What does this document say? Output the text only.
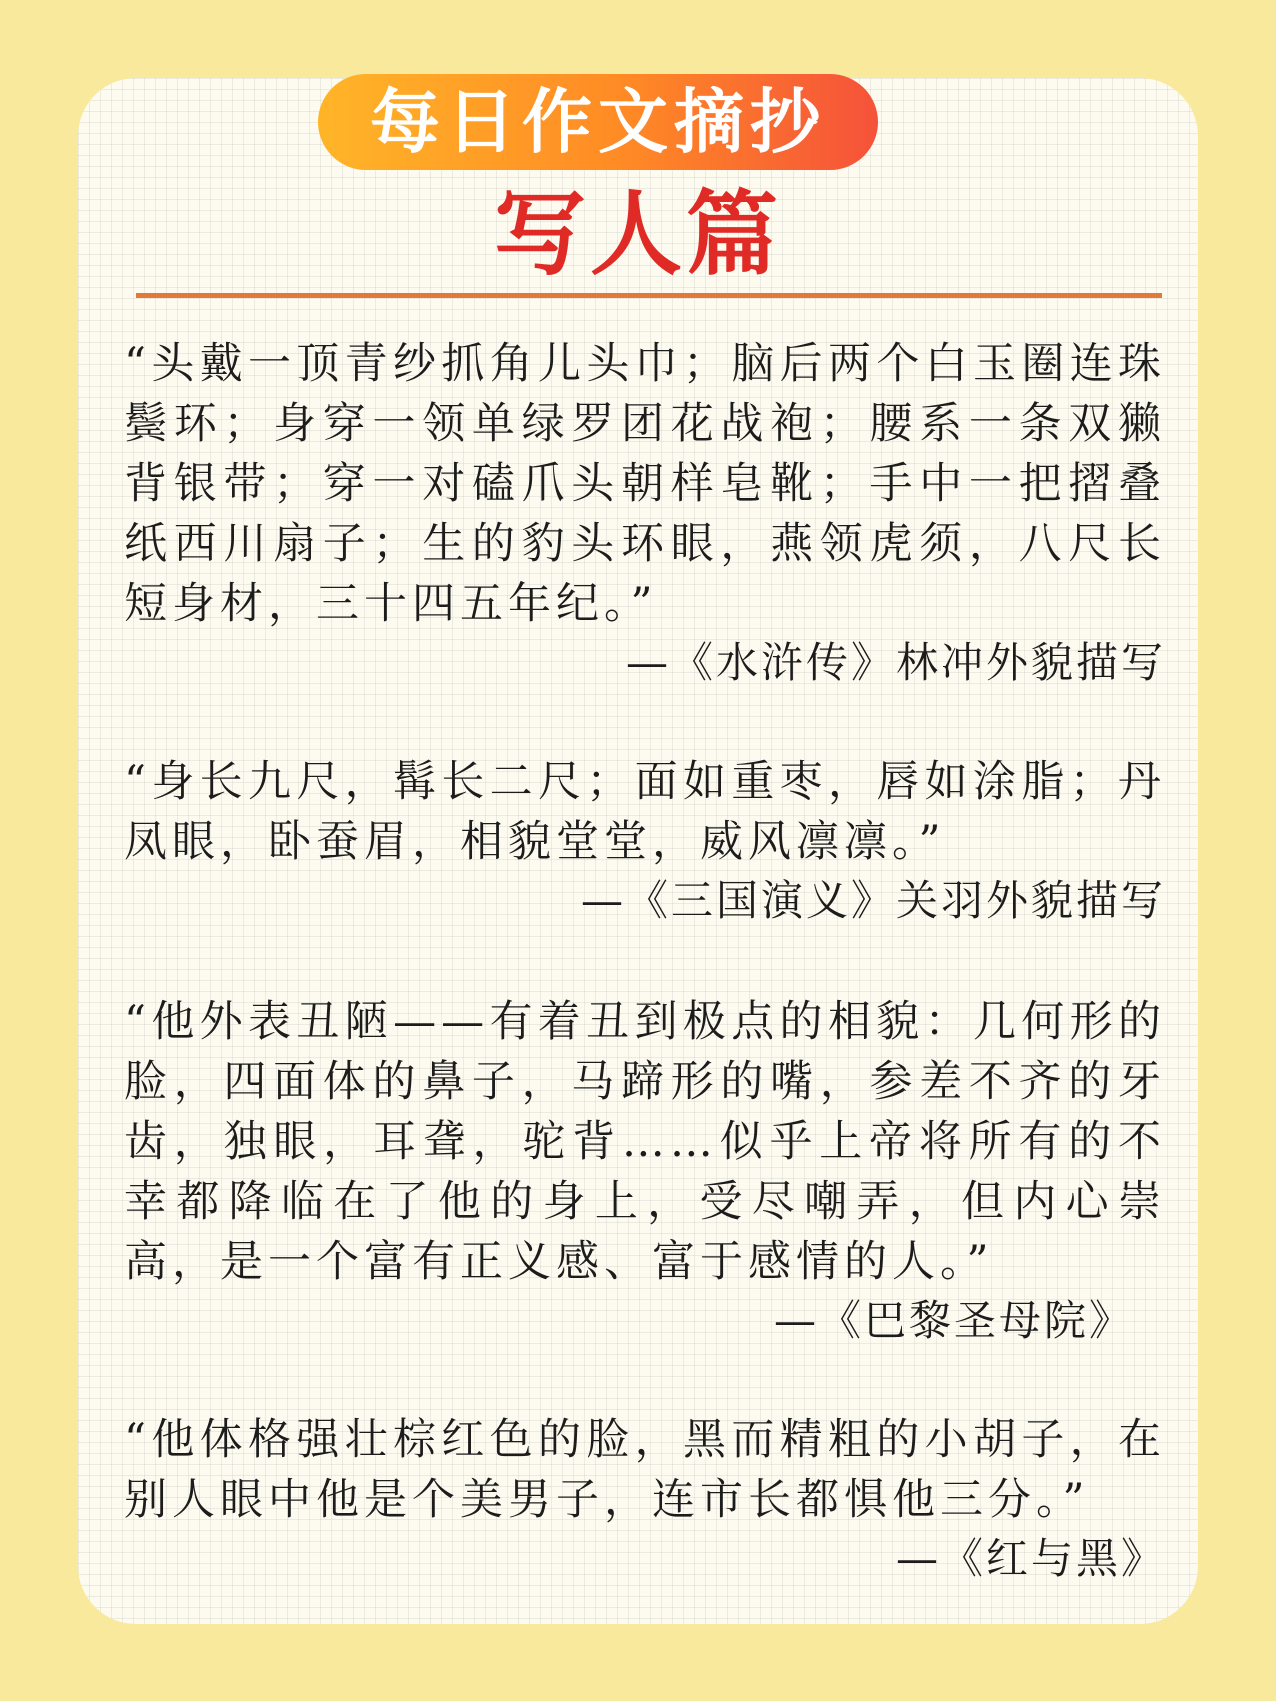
每日作文摘抄
写人篇

“头戴一顶青纱抓角儿头巾；脑后两个白玉圈连珠鬓环；身穿一领单绿罗团花战袍；腰系一条双獭背银带；穿一对磕爪头朝样皂靴；手中一把摺叠纸西川扇子；生的豹头环眼，燕领虎须，八尺长短身材，三十四五年纪。”

—《水浒传》林冲外貌描写

“身长九尺，髯长二尺；面如重枣，唇如涂脂；丹凤眼，卧蚕眉，相貌堂堂，威风凛凛。”

—《三国演义》关羽外貌描写

“他外表丑陋——有着丑到极点的相貌：几何形的脸，四面体的鼻子，马蹄形的嘴，参差不齐的牙齿，独眼，耳聋，驼背……似乎上帝将所有的不幸都降临在了他的身上，受尽嘲弄，但内心崇高，是一个富有正义感、富于感情的人。”

—《巴黎圣母院》

“他体格强壮棕红色的脸，黑而精粗的小胡子，在别人眼中他是个美男子，连市长都惧他三分。”

—《红与黑》
